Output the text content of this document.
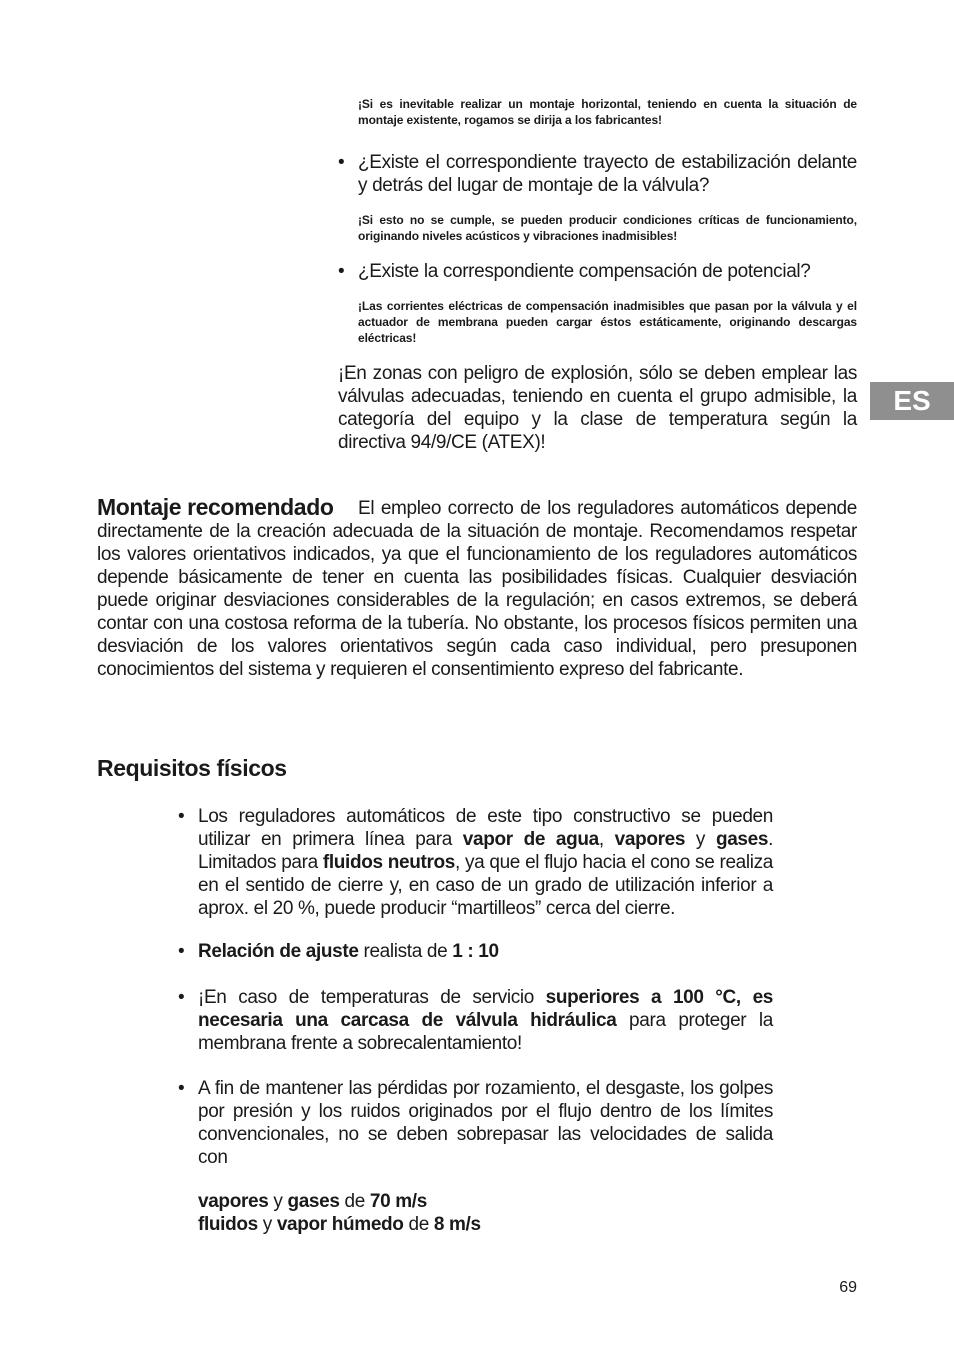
ES
¡Si es inevitable realizar un montaje horizontal, teniendo en cuenta la situación de montaje existente, rogamos se dirija a los fabricantes!
• ¿Existe el correspondiente trayecto de estabilización delante y detrás del lugar de montaje de la válvula?
¡Si esto no se cumple, se pueden producir condiciones críticas de funcionamiento, originando niveles acústicos y vibraciones inadmisibles!
• ¿Existe la correspondiente compensación de potencial?
¡Las corrientes eléctricas de compensación inadmisibles que pasan por la válvula y el actuador de membrana pueden cargar éstos estáticamente, originando descargas eléctricas!
¡En zonas con peligro de explosión, sólo se deben emplear las válvulas adecuadas, teniendo en cuenta el grupo admisible, la categoría del equipo y la clase de temperatura según la directiva 94/9/CE (ATEX)!
Montaje recomendado	El empleo correcto de los reguladores automáticos depende directamente de la creación adecuada de la situación de montaje. Recomendamos respetar los valores orientativos indicados, ya que el funcionamiento de los reguladores automáticos depende básicamente de tener en cuenta las posibilidades físicas. Cualquier desviación puede originar desviaciones considerables de la regulación; en casos extremos, se deberá contar con una costosa reforma de la tubería. No obstante, los procesos físicos permiten una desviación de los valores orientativos según cada caso individual, pero presuponen conocimientos del sistema y requieren el consentimiento expreso del fabricante.
Requisitos físicos
• Los reguladores automáticos de este tipo constructivo se pueden utilizar en primera línea para vapor de agua, vapores y gases. Limitados para fluidos neutros, ya que el flujo hacia el cono se realiza en el sentido de cierre y, en caso de un grado de utilización inferior a aprox. el 20 %, puede producir “martilleos” cerca del cierre.
• Relación de ajuste realista de 1 : 10
• ¡En caso de temperaturas de servicio superiores a 100 °C, es necesaria una carcasa de válvula hidráulica para proteger la membrana frente a sobrecalentamiento!
• A fin de mantener las pérdidas por rozamiento, el desgaste, los golpes por presión y los ruidos originados por el flujo dentro de los límites convencionales, no se deben sobrepasar las velocidades de salida con
vapores y gases de 70 m/s
fluidos y vapor húmedo de 8 m/s
69
